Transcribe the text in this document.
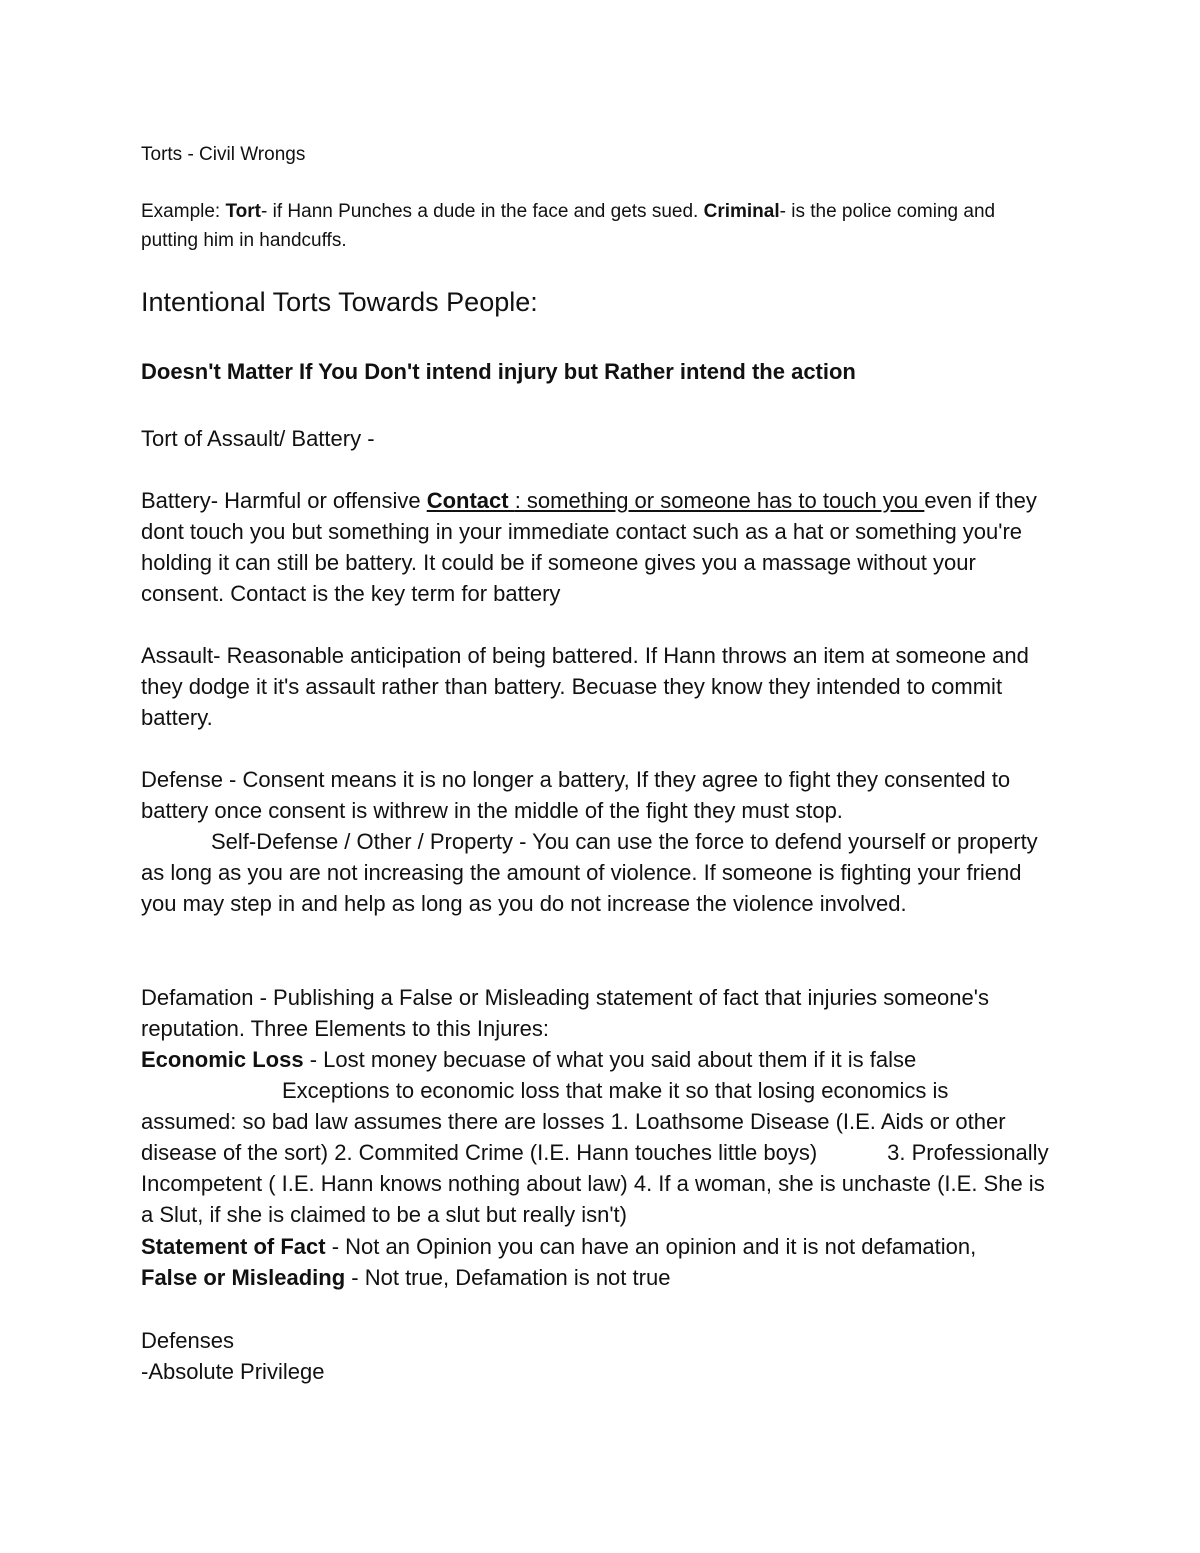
Torts - Civil Wrongs

Example: Tort- if Hann Punches a dude in the face and gets sued. Criminal- is the police coming and putting him in handcuffs.

Intentional Torts Towards People:
Doesn't Matter If You Don't intend injury but Rather intend the action

Tort of Assault/ Battery -

Battery- Harmful or offensive Contact : something or someone has to touch you even if they dont touch you but something in your immediate contact such as a hat or something you're holding it can still be battery. It could be if someone gives you a massage without your consent. Contact is the key term for battery

Assault- Reasonable anticipation of being battered. If Hann throws an item at someone and they dodge it it's assault rather than battery. Becuase they know they intended to commit battery.

Defense - Consent means it is no longer a battery, If they agree to fight they consented to battery once consent is withrew in the middle of the fight they must stop.

Self-Defense / Other / Property - You can use the force to defend yourself or property as long as you are not increasing the amount of violence. If someone is fighting your friend you may step in and help as long as you do not increase the violence involved.

Defamation - Publishing a False or Misleading statement of fact that injuries someone's reputation. Three Elements to this Injures:

Economic Loss - Lost money becuase of what you said about them if it is false

Exceptions to economic loss that make it so that losing economics is

assumed: so bad law assumes there are losses 1. Loathsome Disease (I.E. Aids or other disease of the sort) 2. Commited Crime (I.E. Hann touches little boys)	3. Professionally Incompetent ( I.E. Hann knows nothing about law) 4. If a woman, she is unchaste (I.E. She is a Slut, if she is claimed to be a slut but really isn't)

Statement of Fact - Not an Opinion you can have an opinion and it is not defamation,

False or Misleading - Not true, Defamation is not true

Defenses

-Absolute Privilege
